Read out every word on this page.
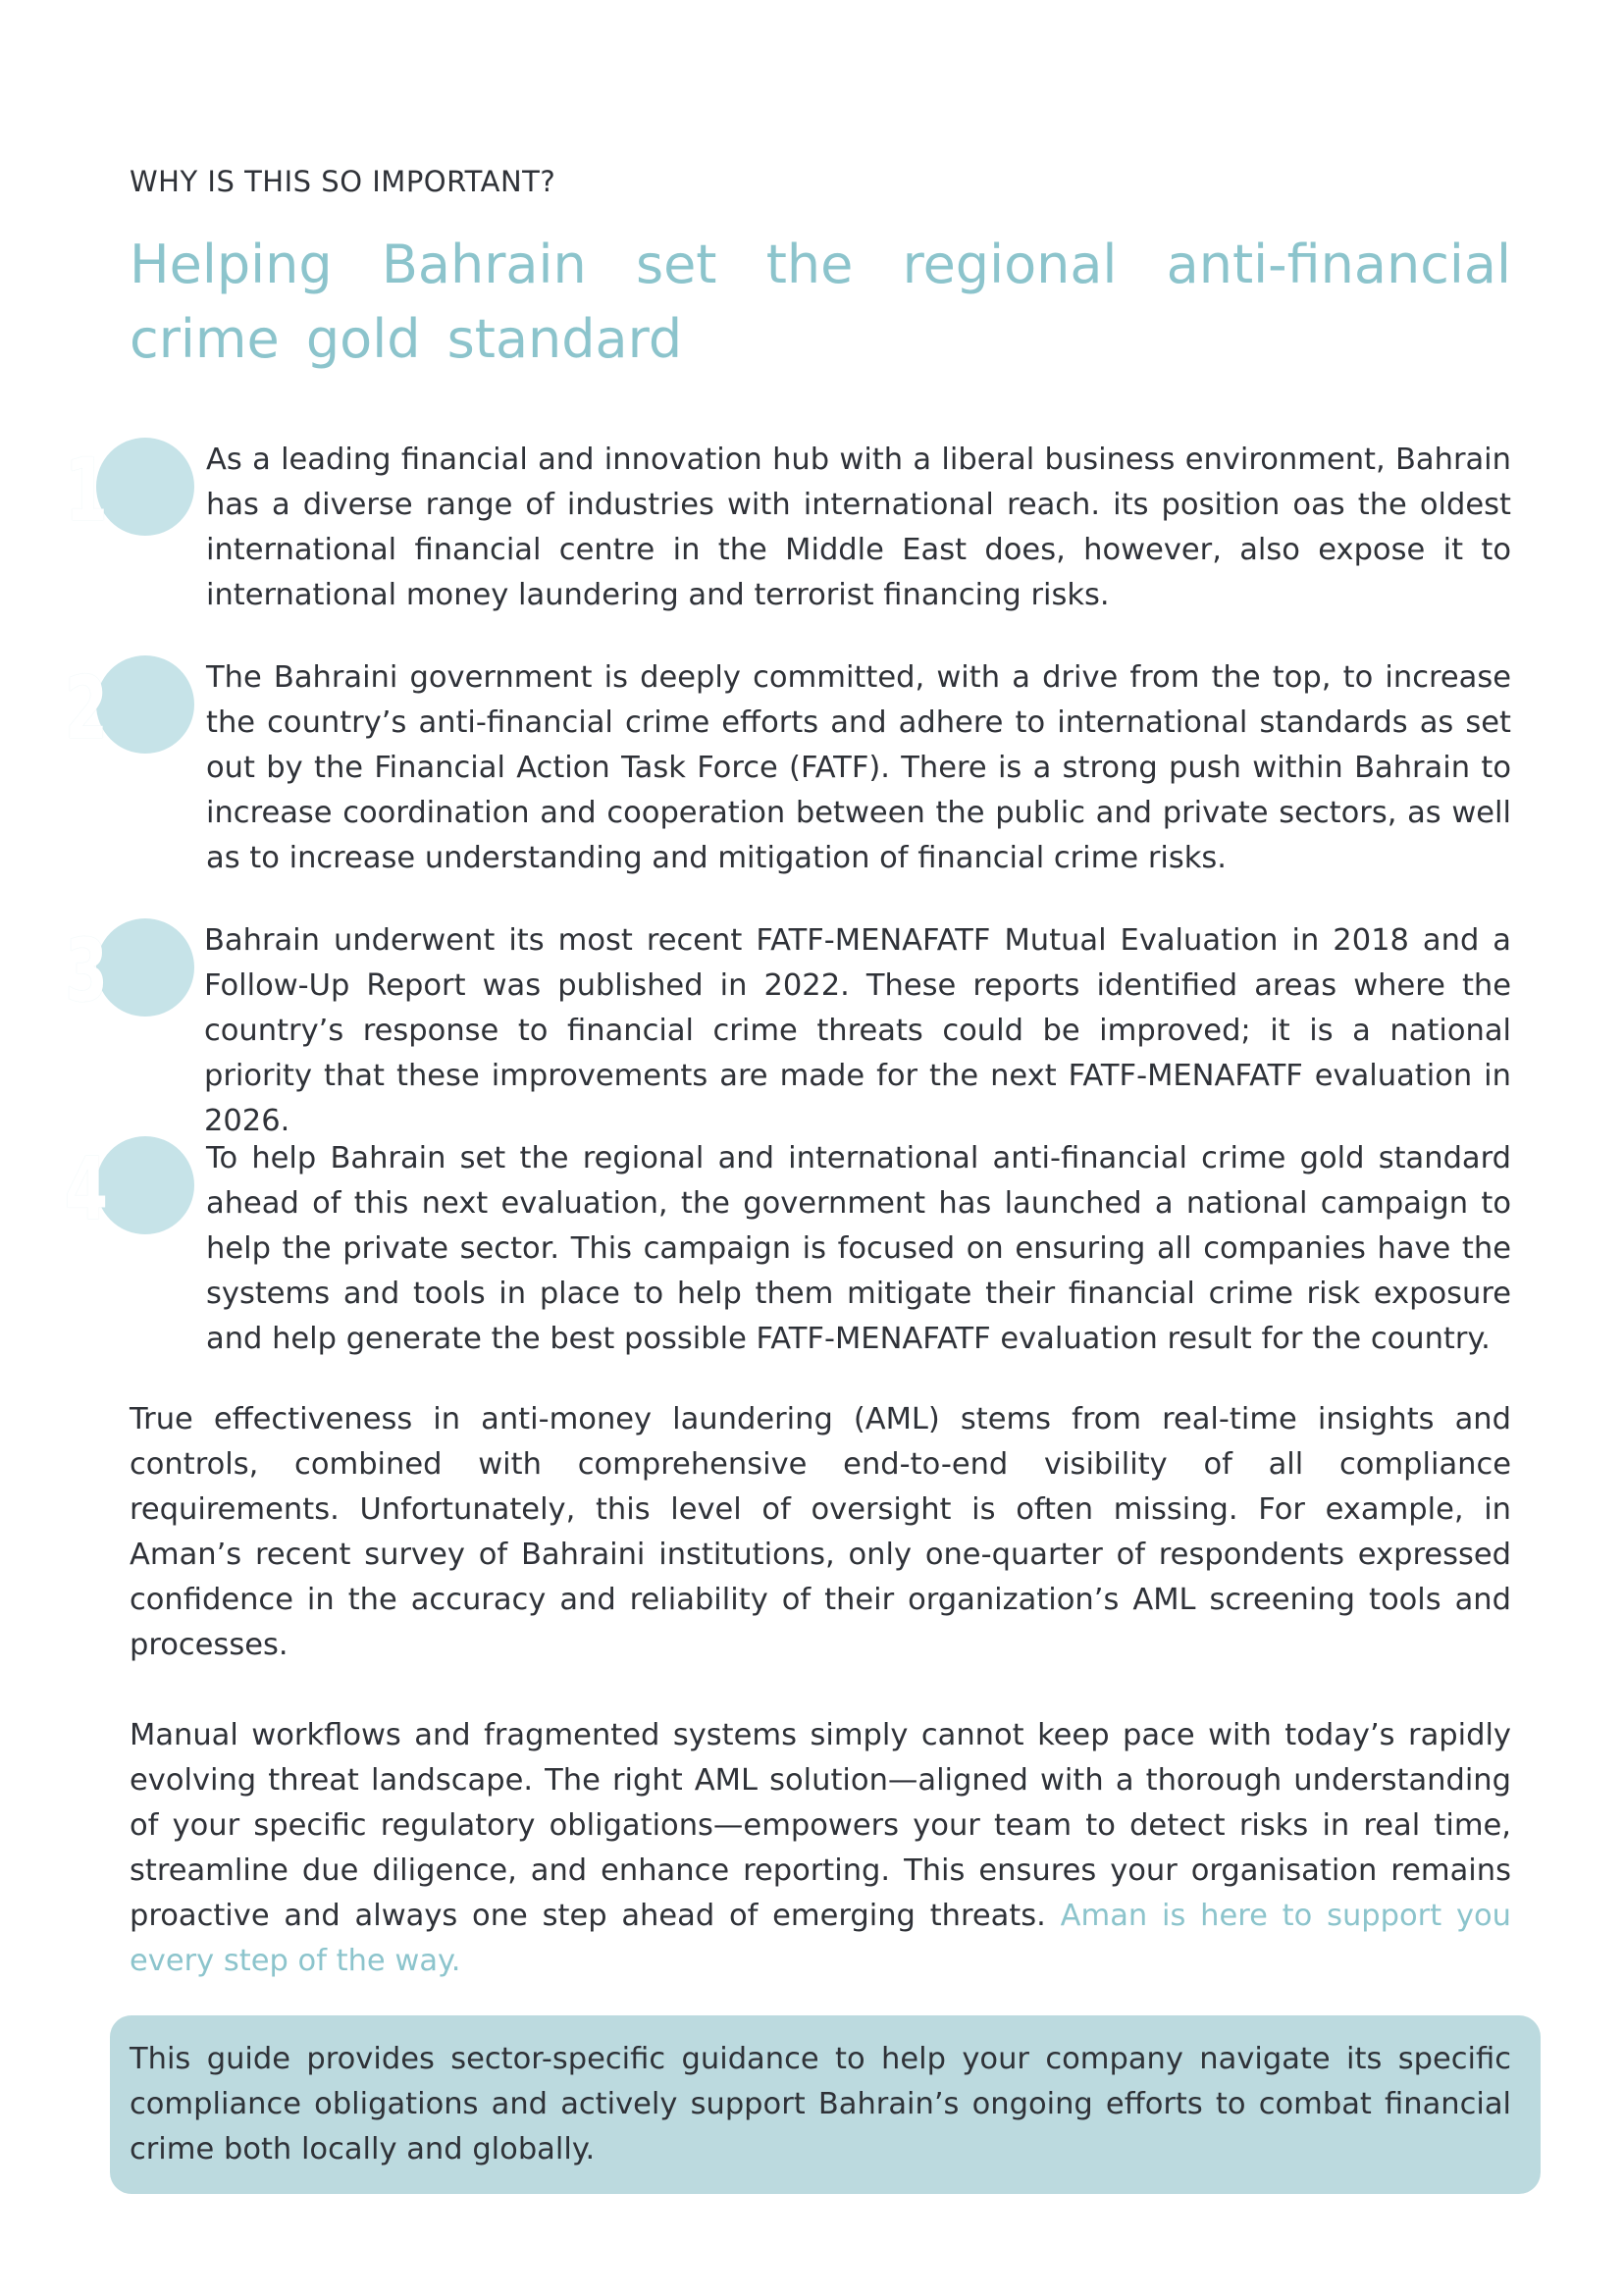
WHY IS THIS SO IMPORTANT?
Helping Bahrain set the regional anti-financial crime gold standard
1	As a leading financial and innovation hub with a liberal business environment, Bahrain has a diverse range of industries with international reach. its position oas the oldest international financial centre in the Middle East does, however, also expose it to international money laundering and terrorist financing risks.
2	The Bahraini government is deeply committed, with a drive from the top, to increase the country’s anti-financial crime efforts and adhere to international standards as set out by the Financial Action Task Force (FATF). There is a strong push within Bahrain to increase coordination and cooperation between the public and private sectors, as well as to increase understanding and mitigation of financial crime risks.
3	Bahrain underwent its most recent FATF-MENAFATF Mutual Evaluation in 2018 and a Follow-Up Report was published in 2022. These reports identified areas where the country’s response to financial crime threats could be improved; it is a national priority that these improvements are made for the next FATF-MENAFATF evaluation in 2026.
4	To help Bahrain set the regional and international anti-financial crime gold standard ahead of this next evaluation, the government has launched a national campaign to help the private sector. This campaign is focused on ensuring all companies have the systems and tools in place to help them mitigate their financial crime risk exposure and help generate the best possible FATF-MENAFATF evaluation result for the country.

True effectiveness in anti-money laundering (AML) stems from real-time insights and controls, combined with comprehensive end-to-end visibility of all compliance requirements. Unfortunately, this level of oversight is often missing. For example, in Aman’s recent survey of Bahraini institutions, only one-quarter of respondents expressed confidence in the accuracy and reliability of their organization’s AML screening tools and processes.

Manual workflows and fragmented systems simply cannot keep pace with today’s rapidly evolving threat landscape. The right AML solution—aligned with a thorough understanding of your specific regulatory obligations—empowers your team to detect risks in real time, streamline due diligence, and enhance reporting. This ensures your organisation remains proactive and always one step ahead of emerging threats. Aman is here to support you every step of the way.

This guide provides sector-specific guidance to help your company navigate its specific compliance obligations and actively support Bahrain’s ongoing efforts to combat financial crime both locally and globally.
